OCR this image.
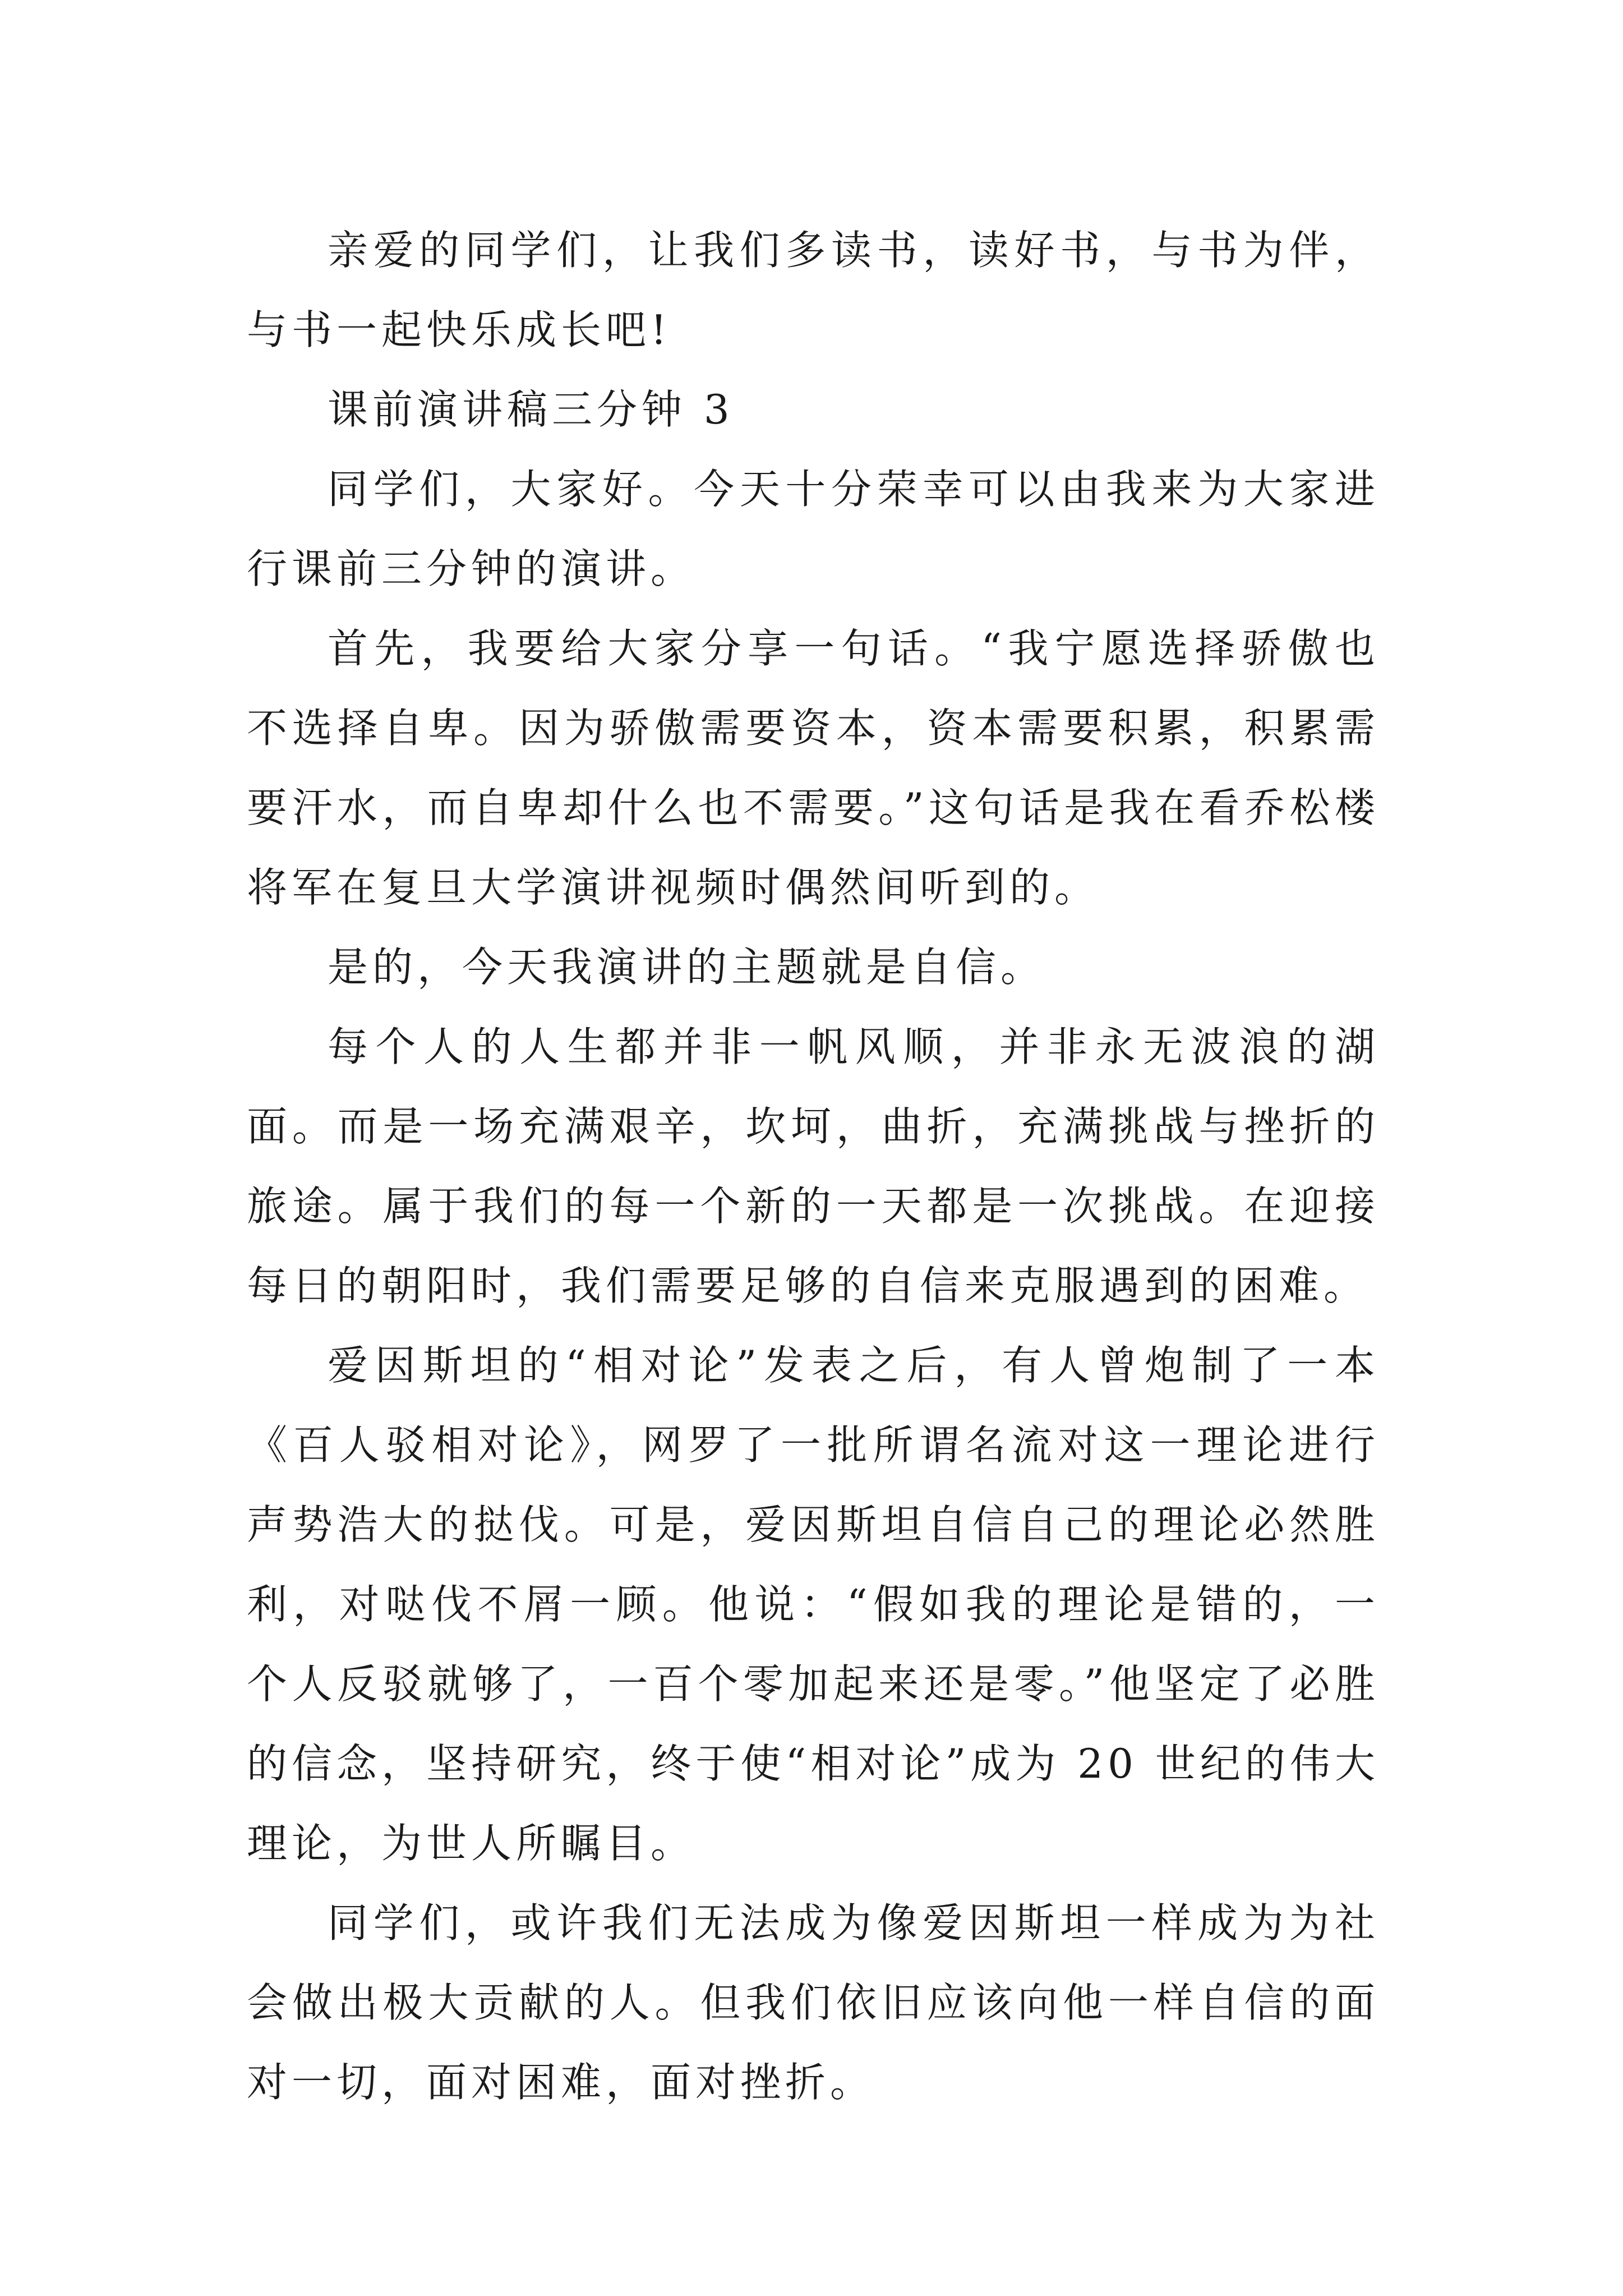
亲爱的同学们，让我们多读书，读好书，与书为伴，与书一起快乐成长吧!

课前演讲稿三分钟 3

同学们，大家好。今天十分荣幸可以由我来为大家进行课前三分钟的演讲。

首先，我要给大家分享一句话。“我宁愿选择骄傲也不选择自卑。因为骄傲需要资本，资本需要积累，积累需要汗水，而自卑却什么也不需要。”这句话是我在看乔松楼将军在复旦大学演讲视频时偶然间听到的。

是的，今天我演讲的主题就是自信。

每个人的人生都并非一帆风顺，并非永无波浪的湖面。而是一场充满艰辛，坎坷，曲折，充满挑战与挫折的旅途。属于我们的每一个新的一天都是一次挑战。在迎接每日的朝阳时，我们需要足够的自信来克服遇到的困难。

爱因斯坦的“相对论”发表之后，有人曾炮制了一本《百人驳相对论》，网罗了一批所谓名流对这一理论进行声势浩大的挞伐。可是，爱因斯坦自信自己的理论必然胜利，对哒伐不屑一顾。他说：“假如我的理论是错的，一个人反驳就够了，一百个零加起来还是零。”他坚定了必胜的信念，坚持研究，终于使“相对论”成为 20 世纪的伟大理论，为世人所瞩目。

同学们，或许我们无法成为像爱因斯坦一样成为为社会做出极大贡献的人。但我们依旧应该向他一样自信的面对一切，面对困难，面对挫折。
